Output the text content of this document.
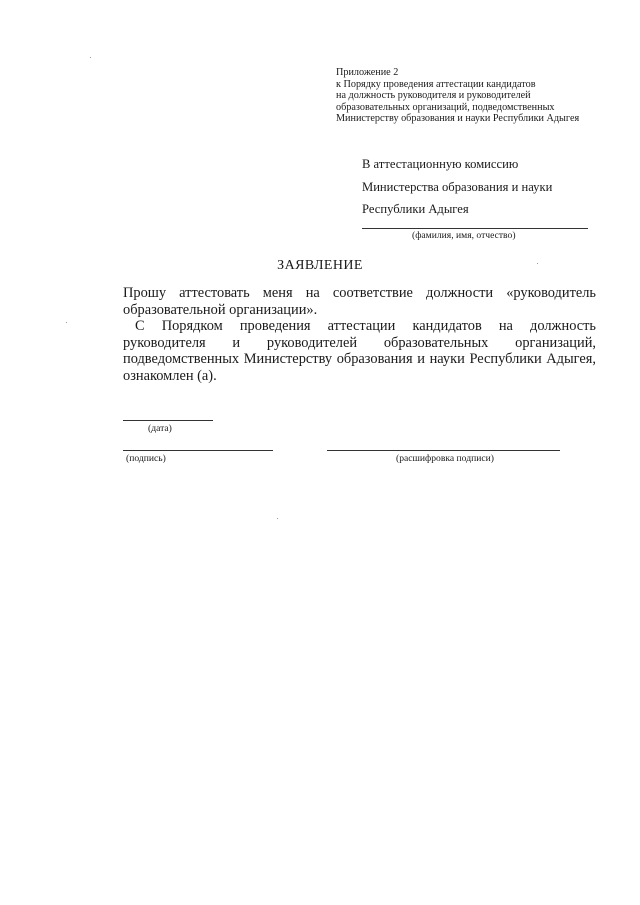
Приложение 2
к Порядку проведения аттестации кандидатов
на должность руководителя и руководителей
образовательных организаций, подведомственных
Министерству образования и науки Республики Адыгея
В аттестационную комиссию
Министерства образования и науки
Республики Адыгея
(фамилия, имя, отчество)
ЗАЯВЛЕНИЕ
Прошу аттестовать меня на соответствие должности «руководитель
образовательной организации».
С Порядком проведения аттестации кандидатов на должность
руководителя и руководителей образовательных организаций,
подведомственных Министерству образования и науки Республики Адыгея,
ознакомлен (а).
(дата)
(подпись)	(расшифровка подписи)
